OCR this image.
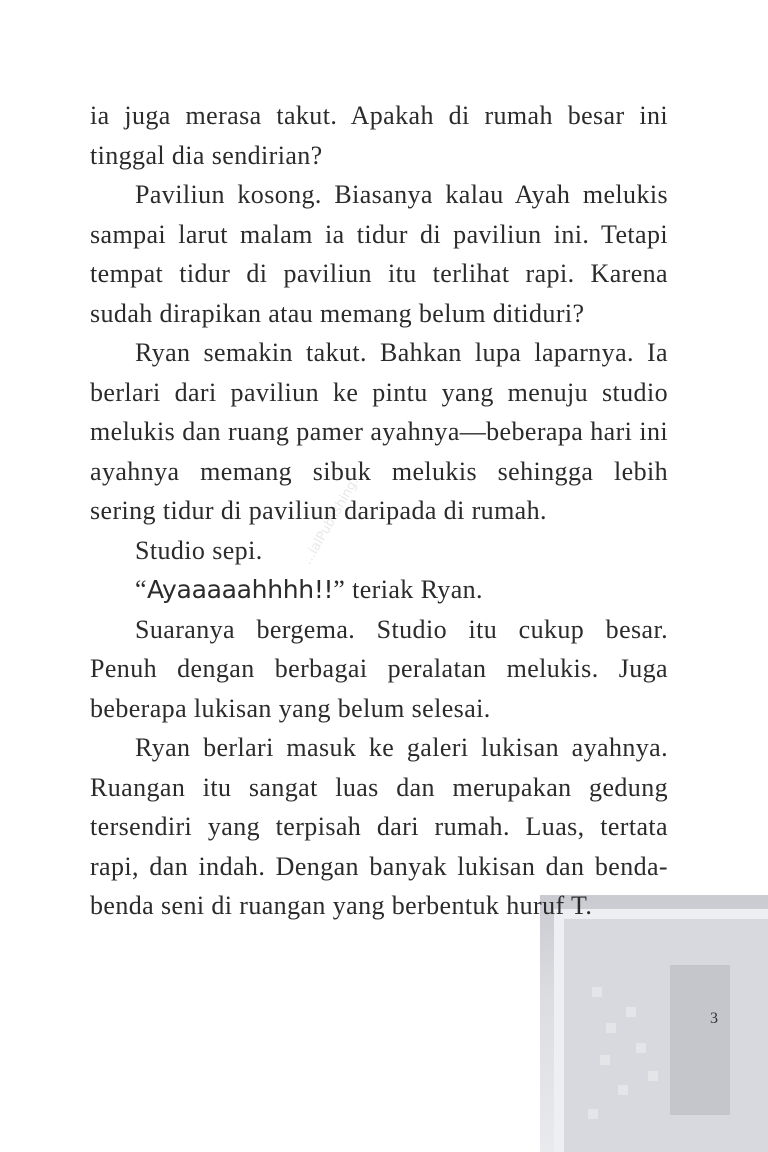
...ialPublishing...

ia juga merasa takut. Apakah di rumah besar ini tinggal dia sendirian?

Paviliun kosong. Biasanya kalau Ayah melukis sampai larut malam ia tidur di paviliun ini. Tetapi tempat tidur di paviliun itu terlihat rapi. Karena sudah dirapikan atau memang belum ditiduri?

Ryan semakin takut. Bahkan lupa laparnya. Ia berlari dari paviliun ke pintu yang menuju studio melukis dan ruang pamer ayahnya—beberapa hari ini ayahnya memang sibuk melukis sehingga lebih sering tidur di paviliun daripada di rumah.

Studio sepi.

“Ayaaaaahhhh!!” teriak Ryan.

Suaranya bergema. Studio itu cukup besar. Penuh dengan berbagai peralatan melukis. Juga beberapa lukisan yang belum selesai.

Ryan berlari masuk ke galeri lukisan ayahnya. Ruangan itu sangat luas dan merupakan gedung tersendiri yang terpisah dari rumah. Luas, tertata rapi, dan indah. Dengan banyak lukisan dan benda-benda seni di ruangan yang berbentuk huruf T.

3
